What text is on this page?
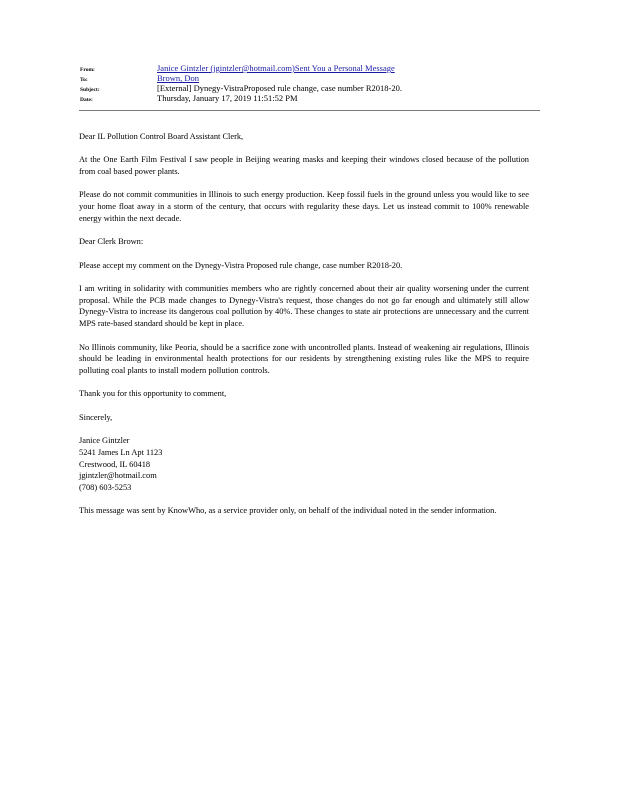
From:	Janice Gintzler (jgintzler@hotmail.com)Sent You a Personal Message
To:	Brown, Don
Subject:	[External] Dynegy-VistraProposed rule change, case number R2018-20.
Date:	Thursday, January 17, 2019 11:51:52 PM

Dear IL Pollution Control Board Assistant Clerk,

At the One Earth Film Festival I saw people in Beijing wearing masks and keeping their windows closed because of the pollution from coal based power plants.

Please do not commit communities in Illinois to such energy production. Keep fossil fuels in the ground unless you would like to see your home float away in a storm of the century, that occurs with regularity these days. Let us instead commit to 100% renewable energy within the next decade.

Dear Clerk Brown:

Please accept my comment on the Dynegy-Vistra Proposed rule change, case number R2018-20.

I am writing in solidarity with communities members who are rightly concerned about their air quality worsening under the current proposal. While the PCB made changes to Dynegy-Vistra's request, those changes do not go far enough and ultimately still allow Dynegy-Vistra to increase its dangerous coal pollution by 40%. These changes to state air protections are unnecessary and the current MPS rate-based standard should be kept in place.

No Illinois community, like Peoria, should be a sacrifice zone with uncontrolled plants. Instead of weakening air regulations, Illinois should be leading in environmental health protections for our residents by strengthening existing rules like the MPS to require polluting coal plants to install modern pollution controls.

Thank you for this opportunity to comment,

Sincerely,

Janice Gintzler
5241 James Ln Apt 1123
Crestwood, IL 60418
jgintzler@hotmail.com
(708) 603-5253

This message was sent by KnowWho, as a service provider only, on behalf of the individual noted in the sender information.
